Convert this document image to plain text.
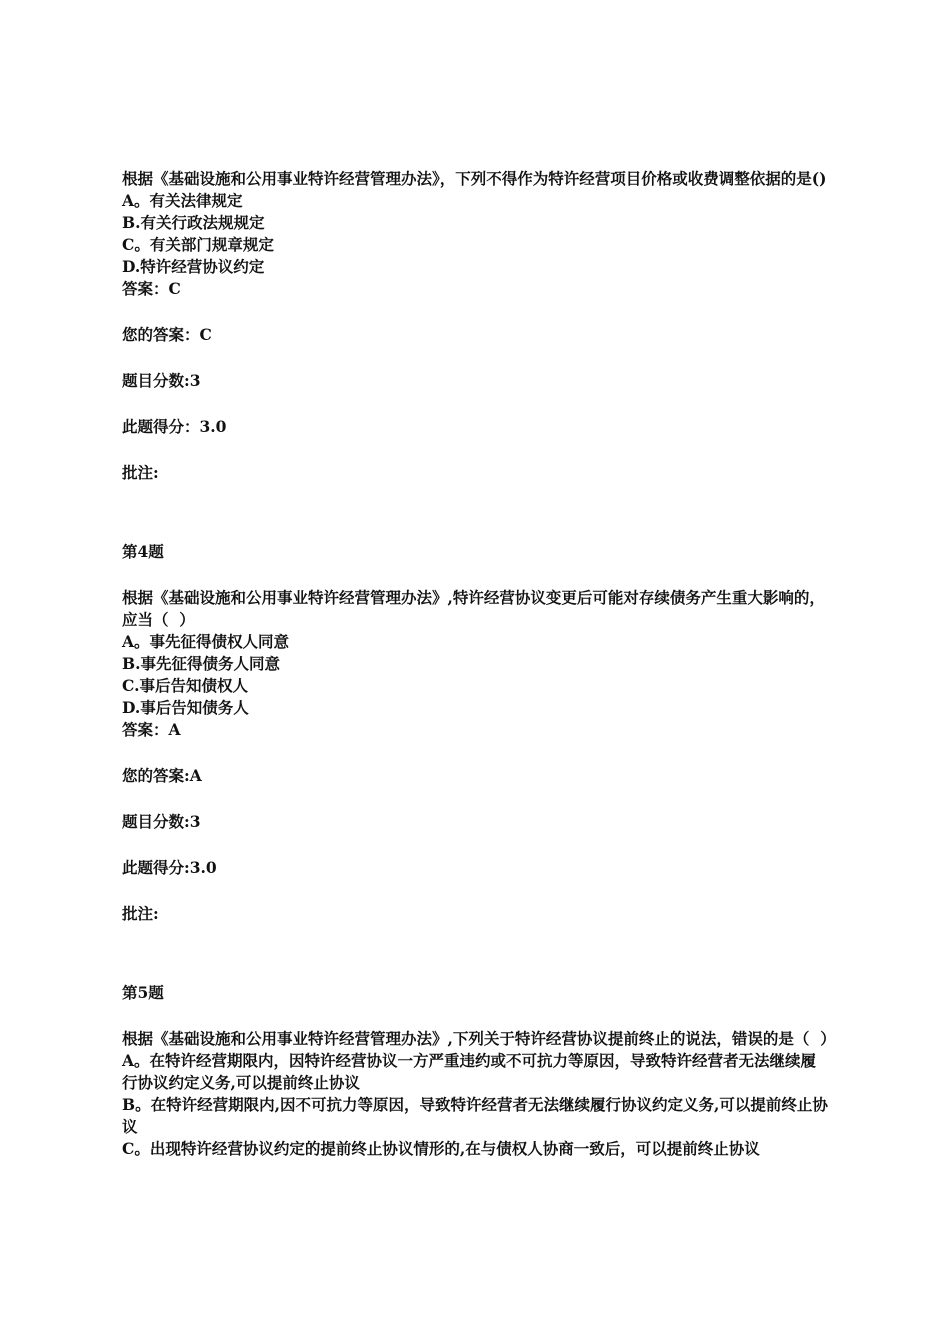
根据《基础设施和公用事业特许经营管理办法》，下列不得作为特许经营项目价格或收费调整依据的是()
A。有关法律规定
B.有关行政法规规定
C。有关部门规章规定
D.特许经营协议约定
答案：C
您的答案：C
题目分数:3
此题得分：3.0
批注:
第4题
根据《基础设施和公用事业特许经营管理办法》,特许经营协议变更后可能对存续债务产生重大影响的，应当（  ）
A。事先征得债权人同意
B.事先征得债务人同意
C.事后告知债权人
D.事后告知债务人
答案：A
您的答案:A
题目分数:3
此题得分:3.0
批注:
第5题
根据《基础设施和公用事业特许经营管理办法》,下列关于特许经营协议提前终止的说法，错误的是（  ）
A。在特许经营期限内，因特许经营协议一方严重违约或不可抗力等原因，导致特许经营者无法继续履行协议约定义务,可以提前终止协议
B。在特许经营期限内,因不可抗力等原因，导致特许经营者无法继续履行协议约定义务,可以提前终止协议
C。出现特许经营协议约定的提前终止协议情形的,在与债权人协商一致后，可以提前终止协议
